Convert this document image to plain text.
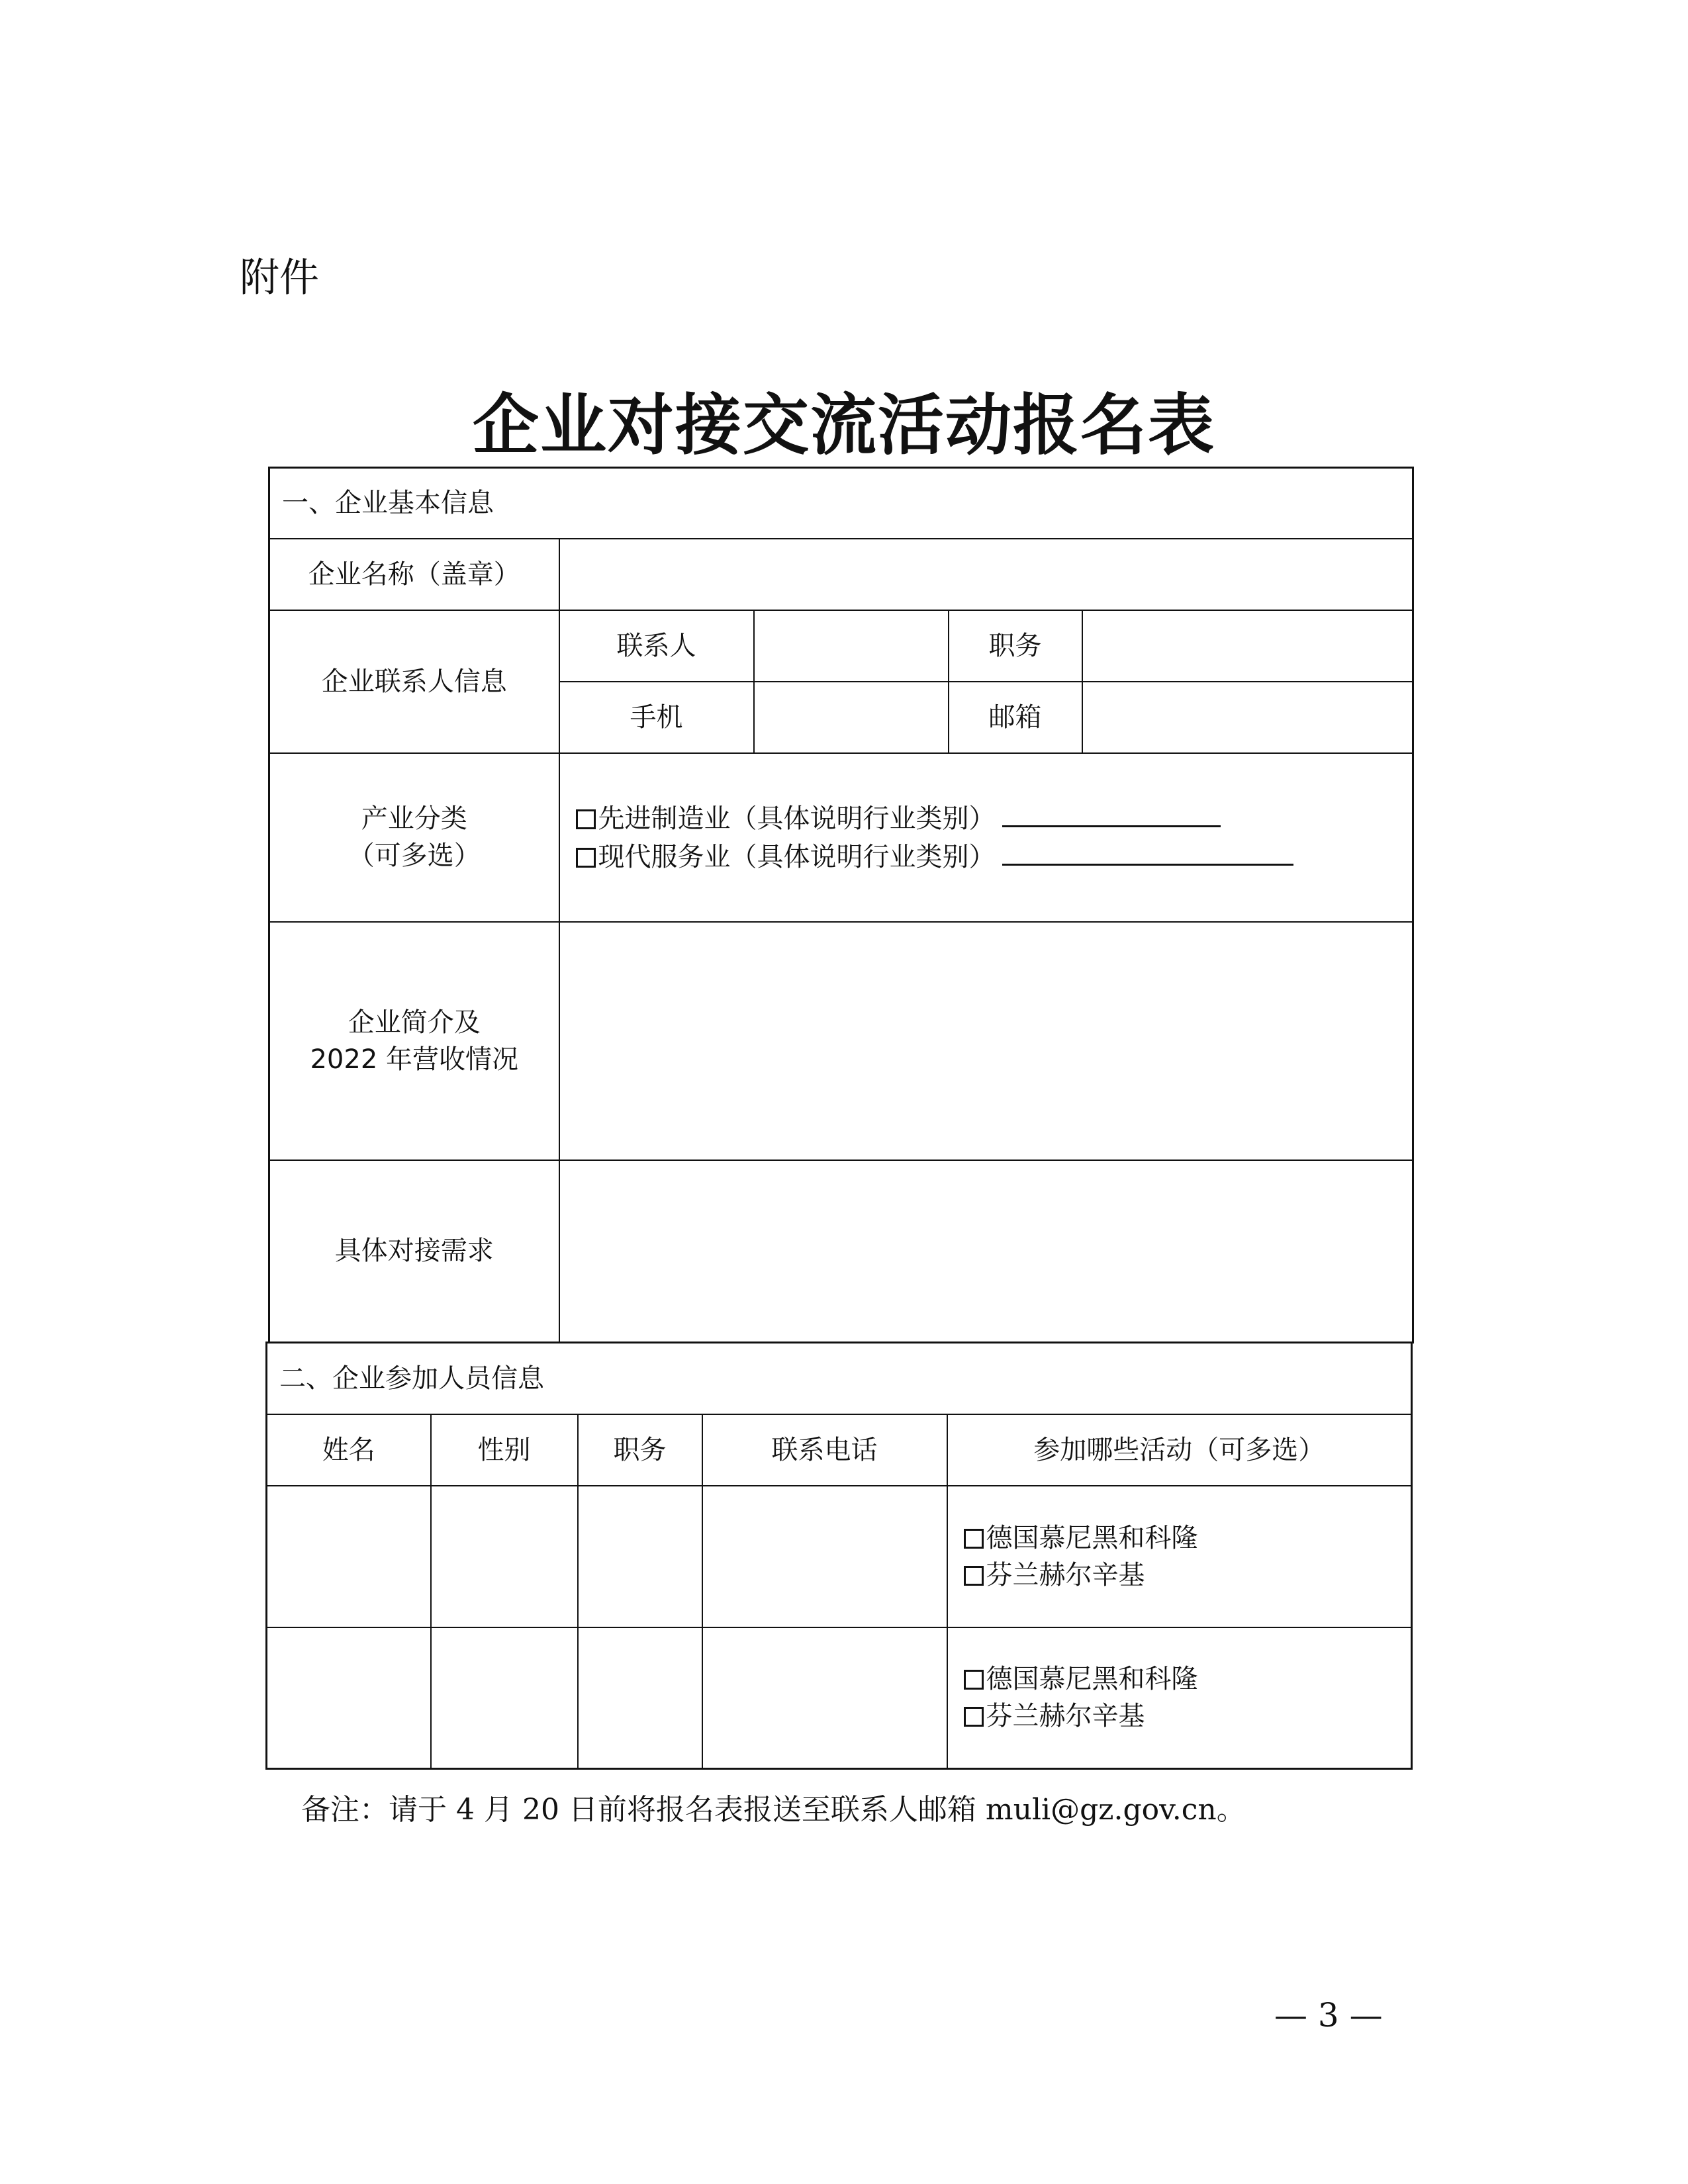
附件
企业对接交流活动报名表
一、企业基本信息				
企业名称（盖章）				
企业联系人信息	联系人		职务	
	手机		邮箱	

产业分类
（可多选）	先进制造业（具体说明行业类别）
现代服务业（具体说明行业类别）			

企业简介及
2022 年营收情况				

具体对接需求				
二、企业参加人员信息				
姓名	性别	职务	联系电话	参加哪些活动（可多选）

				德国慕尼黑和科隆
芬兰赫尔辛基

				德国慕尼黑和科隆
芬兰赫尔辛基
备注：请于 4 月 20 日前将报名表报送至联系人邮箱 muli@gz.gov.cn。
— 3 —
